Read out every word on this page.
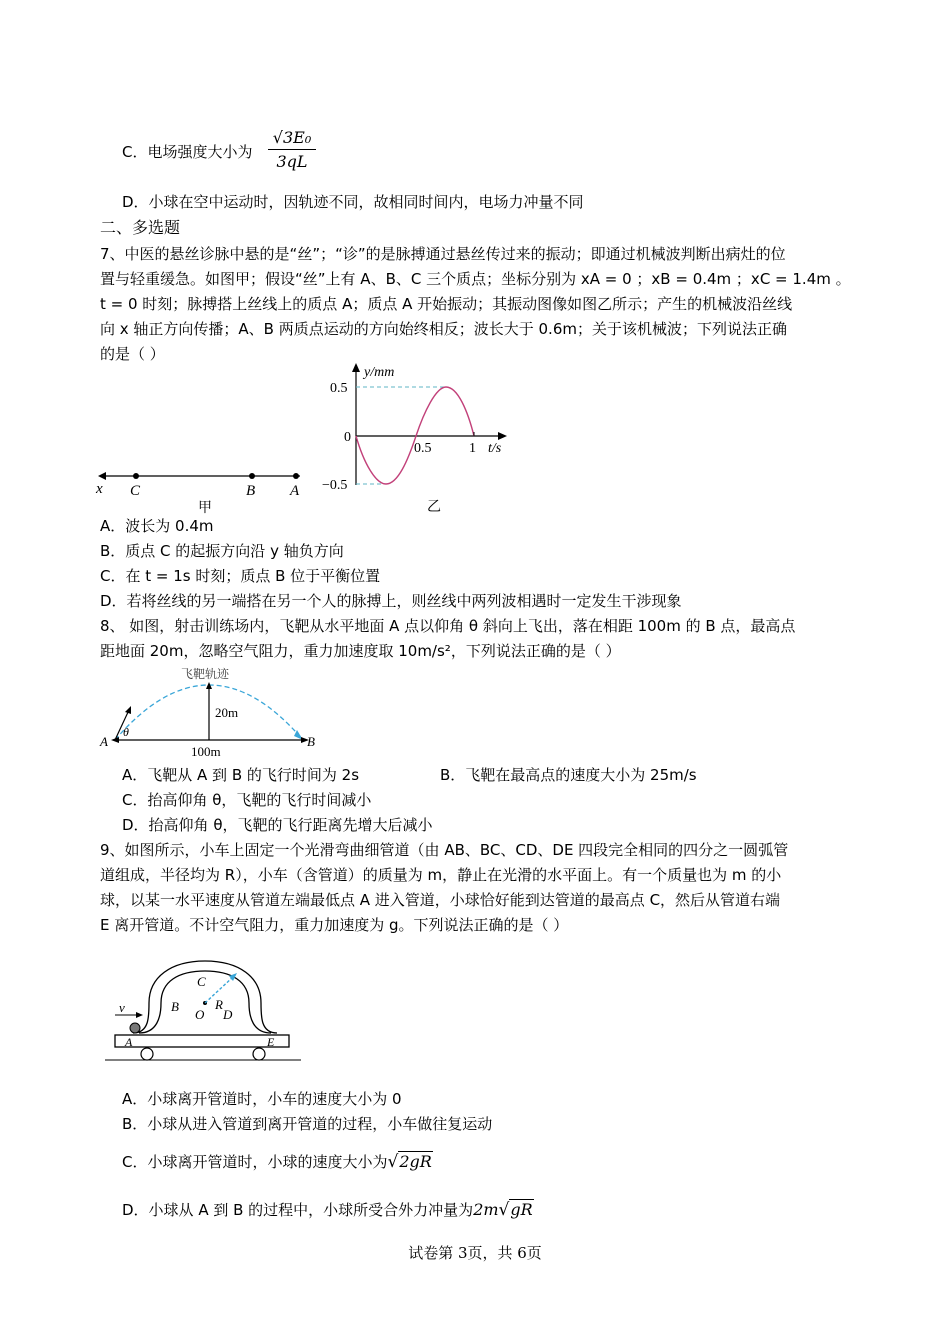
C．电场强度大小为 $\frac{\text{√3E₀}}{3qL}$
D．小球在空中运动时，因轨迹不同，故相同时间内，电场力冲量不同
二、多选题
7、中医的悬丝诊脉中悬的是“丝”；“诊”的是脉搏通过悬丝传过来的振动；即通过机械波判断出病灶的位
置与轻重缓急。如图甲；假设“丝”上有 A、B、C 三个质点；坐标分别为 xA = 0 ；xB = 0.4m ；xC = 1.4m 。
t = 0 时刻；脉搏搭上丝线上的质点 A；质点 A 开始振动；其振动图像如图乙所示；产生的机械波沿丝线
向 x 轴正方向传播；A、B 两质点运动的方向始终相反；波长大于 0.6m；关于该机械波；下列说法正确
的是（ ）
x C	B A
甲
y/mm
t/s
0.5
0
−0.5
0.5	1
乙
A．波长为 0.4m
B．质点 C 的起振方向沿 y 轴负方向
C．在 t = 1s 时刻；质点 B 位于平衡位置
D．若将丝线的另一端搭在另一个人的脉搏上，则丝线中两列波相遇时一定发生干涉现象
8、 如图，射击训练场内，飞靶从水平地面 A 点以仰角 θ 斜向上飞出，落在相距 100m 的 B 点，最高点
距地面 20m，忽略空气阻力，重力加速度取 10m/s²，下列说法正确的是（ ）
飞靶轨迹
A	B
θ
20m
100m
A．飞靶从 A 到 B 的飞行时间为 2s	B．飞靶在最高点的速度大小为 25m/s
C．抬高仰角 θ，飞靶的飞行时间减小
D．抬高仰角 θ，飞靶的飞行距离先增大后减小
9、如图所示，小车上固定一个光滑弯曲细管道（由 AB、BC、CD、DE 四段完全相同的四分之一圆弧管
道组成，半径均为 R），小车（含管道）的质量为 m，静止在光滑的水平面上。有一个质量也为 m 的小
球，以某一水平速度从管道左端最低点 A 进入管道，小球恰好能到达管道的最高点 C，然后从管道右端
E 离开管道。不计空气阻力，重力加速度为 g。下列说法正确的是（ ）
v
A
B
C
D
E
O
R
A．小球离开管道时，小车的速度大小为 0
B．小球从进入管道到离开管道的过程，小车做往复运动
C．小球离开管道时，小球的速度大小为√2gR
D．小球从 A 到 B 的过程中，小球所受合外力冲量为2m√gR
试卷第 3页，共 6页
